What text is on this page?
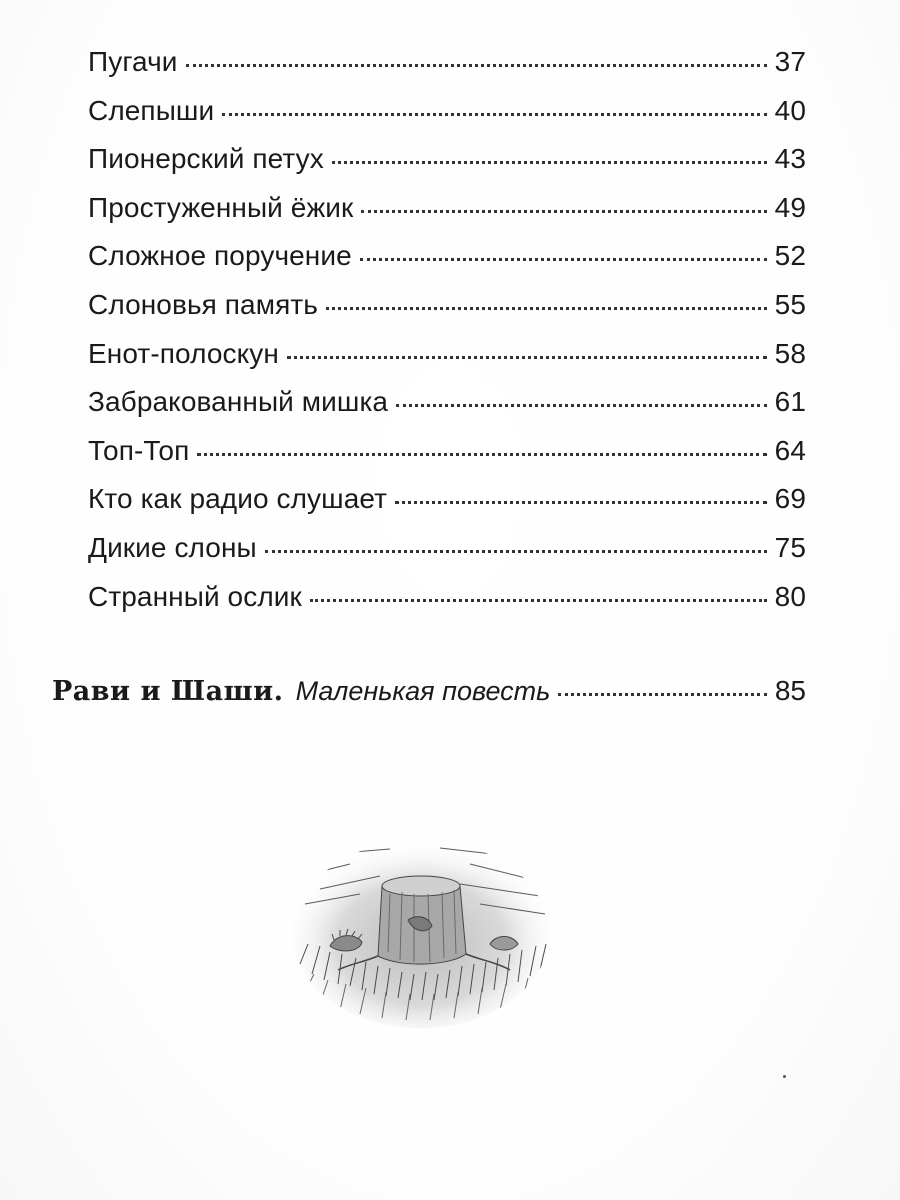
Пугачи	37
Слепыши	40
Пионерский петух	43
Простуженный ёжик	49
Сложное поручение	52
Слоновья память	55
Енот-полоскун	58
Забракованный мишка	61
Топ-Топ	64
Кто как радио слушает	69
Дикие слоны	75
Странный ослик	80
Рави и Шаши. Маленькая повесть	85
